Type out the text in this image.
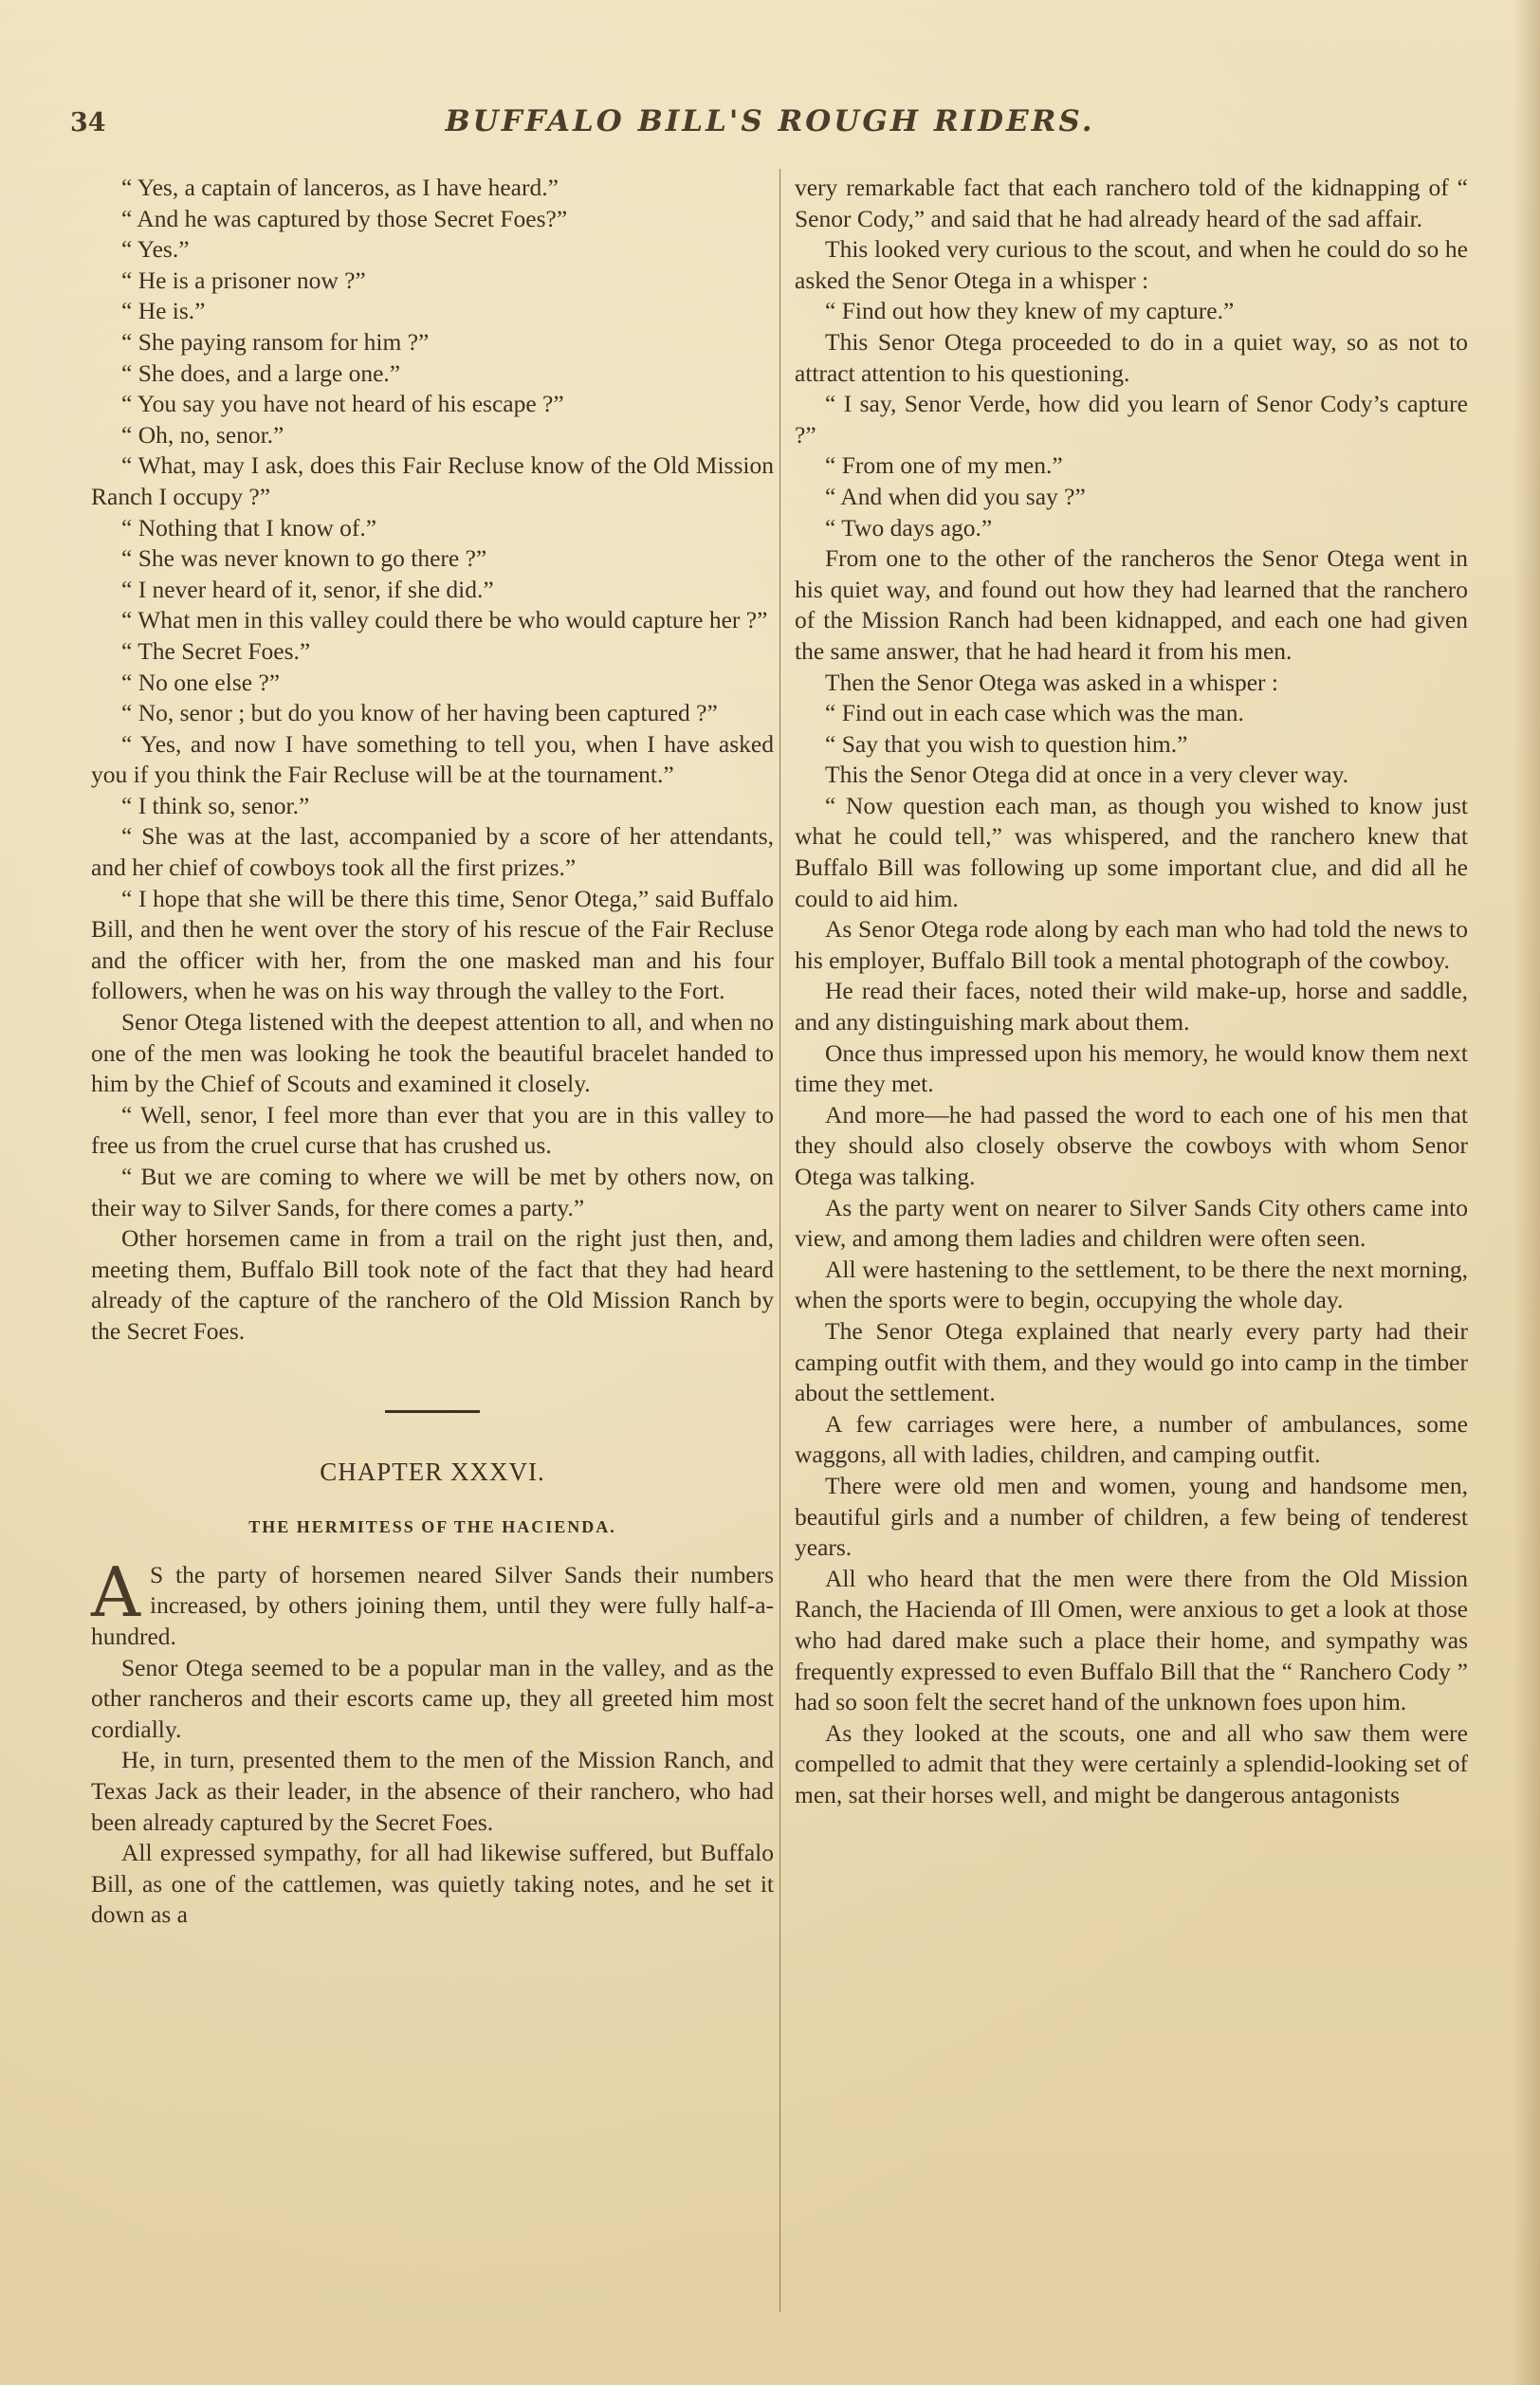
34	BUFFALO BILL'S ROUGH RIDERS.

“ Yes, a captain of lanceros, as I have heard.”

“ And he was captured by those Secret Foes?”

“ Yes.”

“ He is a prisoner now ?”

“ He is.”

“ She paying ransom for him ?”

“ She does, and a large one.”

“ You say you have not heard of his escape ?”

“ Oh, no, senor.”

“ What, may I ask, does this Fair Recluse know of the Old Mission Ranch I occupy ?”

“ Nothing that I know of.”

“ She was never known to go there ?”

“ I never heard of it, senor, if she did.”

“ What men in this valley could there be who would capture her ?”

“ The Secret Foes.”

“ No one else ?”

“ No, senor ; but do you know of her having been captured ?”

“ Yes, and now I have something to tell you, when I have asked you if you think the Fair Recluse will be at the tournament.”

“ I think so, senor.”

“ She was at the last, accompanied by a score of her attendants, and her chief of cowboys took all the first prizes.”

“ I hope that she will be there this time, Senor Otega,” said Buffalo Bill, and then he went over the story of his rescue of the Fair Recluse and the officer with her, from the one masked man and his four followers, when he was on his way through the valley to the Fort.

Senor Otega listened with the deepest attention to all, and when no one of the men was looking he took the beautiful bracelet handed to him by the Chief of Scouts and examined it closely.

“ Well, senor, I feel more than ever that you are in this valley to free us from the cruel curse that has crushed us.

“ But we are coming to where we will be met by others now, on their way to Silver Sands, for there comes a party.”

Other horsemen came in from a trail on the right just then, and, meeting them, Buffalo Bill took note of the fact that they had heard already of the capture of the ranchero of the Old Mission Ranch by the Secret Foes.

CHAPTER XXXVI.
THE HERMITESS OF THE HACIENDA.

A S the party of horsemen neared Silver Sands their numbers increased, by others joining them, until they were fully half-a-hundred.

Senor Otega seemed to be a popular man in the valley, and as the other rancheros and their escorts came up, they all greeted him most cordially.

He, in turn, presented them to the men of the Mission Ranch, and Texas Jack as their leader, in the absence of their ranchero, who had been already captured by the Secret Foes.

All expressed sympathy, for all had likewise suffered, but Buffalo Bill, as one of the cattlemen, was quietly taking notes, and he set it down as a

very remarkable fact that each ranchero told of the kidnapping of “ Senor Cody,” and said that he had already heard of the sad affair.

This looked very curious to the scout, and when he could do so he asked the Senor Otega in a whisper :

“ Find out how they knew of my capture.”

This Senor Otega proceeded to do in a quiet way, so as not to attract attention to his questioning.

“ I say, Senor Verde, how did you learn of Senor Cody’s capture ?”

“ From one of my men.”

“ And when did you say ?”

“ Two days ago.”

From one to the other of the rancheros the Senor Otega went in his quiet way, and found out how they had learned that the ranchero of the Mission Ranch had been kidnapped, and each one had given the same answer, that he had heard it from his men.

Then the Senor Otega was asked in a whisper :

“ Find out in each case which was the man.

“ Say that you wish to question him.”

This the Senor Otega did at once in a very clever way.

“ Now question each man, as though you wished to know just what he could tell,” was whispered, and the ranchero knew that Buffalo Bill was following up some important clue, and did all he could to aid him.

As Senor Otega rode along by each man who had told the news to his employer, Buffalo Bill took a mental photograph of the cowboy.

He read their faces, noted their wild make-up, horse and saddle, and any distinguishing mark about them.

Once thus impressed upon his memory, he would know them next time they met.

And more—he had passed the word to each one of his men that they should also closely observe the cowboys with whom Senor Otega was talking.

As the party went on nearer to Silver Sands City others came into view, and among them ladies and children were often seen.

All were hastening to the settlement, to be there the next morning, when the sports were to begin, occupying the whole day.

The Senor Otega explained that nearly every party had their camping outfit with them, and they would go into camp in the timber about the settlement.

A few carriages were here, a number of ambulances, some waggons, all with ladies, children, and camping outfit.

There were old men and women, young and handsome men, beautiful girls and a number of children, a few being of tenderest years.

All who heard that the men were there from the Old Mission Ranch, the Hacienda of Ill Omen, were anxious to get a look at those who had dared make such a place their home, and sympathy was frequently expressed to even Buffalo Bill that the “ Ranchero Cody ” had so soon felt the secret hand of the unknown foes upon him.

As they looked at the scouts, one and all who saw them were compelled to admit that they were certainly a splendid-looking set of men, sat their horses well, and might be dangerous antagonists
